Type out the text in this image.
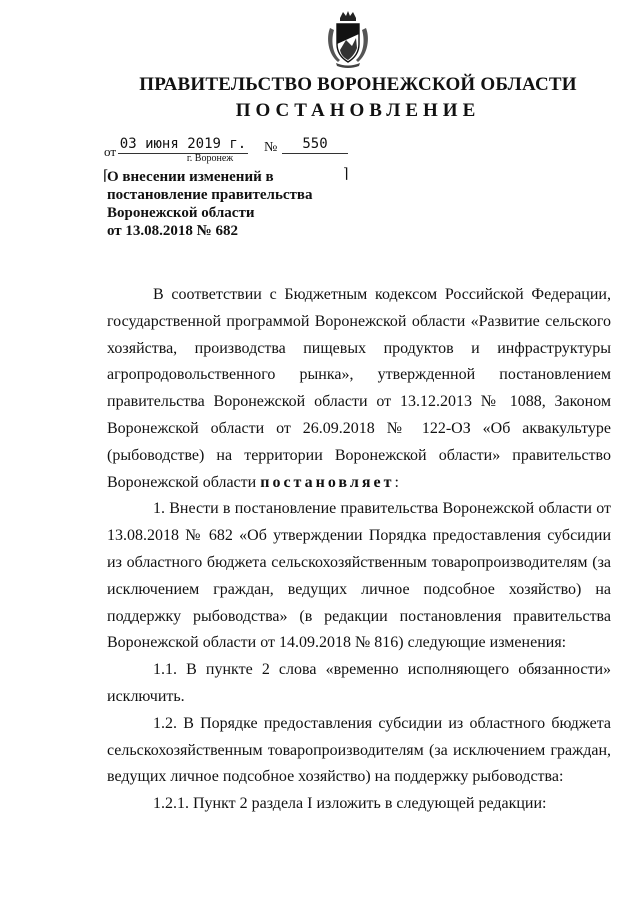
ПРАВИТЕЛЬСТВО ВОРОНЕЖСКОЙ ОБЛАСТИ
ПОСТАНОВЛЕНИЕ
от 03 июня 2019 г. №	550
г. Воронеж
⌈	⌉
О внесении изменений в
постановление правительства
Воронежской области
от 13.08.2018 № 682

В соответствии с Бюджетным кодексом Российской Федерации, государственной программой Воронежской области «Развитие сельского хозяйства, производства пищевых продуктов и инфраструктуры агропродовольственного рынка», утвержденной постановлением правительства Воронежской области от 13.12.2013 № 1088, Законом Воронежской области от 26.09.2018 № 122-ОЗ «Об аквакультуре (рыбоводстве) на территории Воронежской области» правительство Воронежской области постановляет:

1. Внести в постановление правительства Воронежской области от 13.08.2018 № 682 «Об утверждении Порядка предоставления субсидии из областного бюджета сельскохозяйственным товаропроизводителям (за исключением граждан, ведущих личное подсобное хозяйство) на поддержку рыбоводства» (в редакции постановления правительства Воронежской области от 14.09.2018 № 816) следующие изменения:

1.1. В пункте 2 слова «временно исполняющего обязанности» исключить.

1.2. В Порядке предоставления субсидии из областного бюджета сельскохозяйственным товаропроизводителям (за исключением граждан, ведущих личное подсобное хозяйство) на поддержку рыбоводства:

1.2.1. Пункт 2 раздела I изложить в следующей редакции:
